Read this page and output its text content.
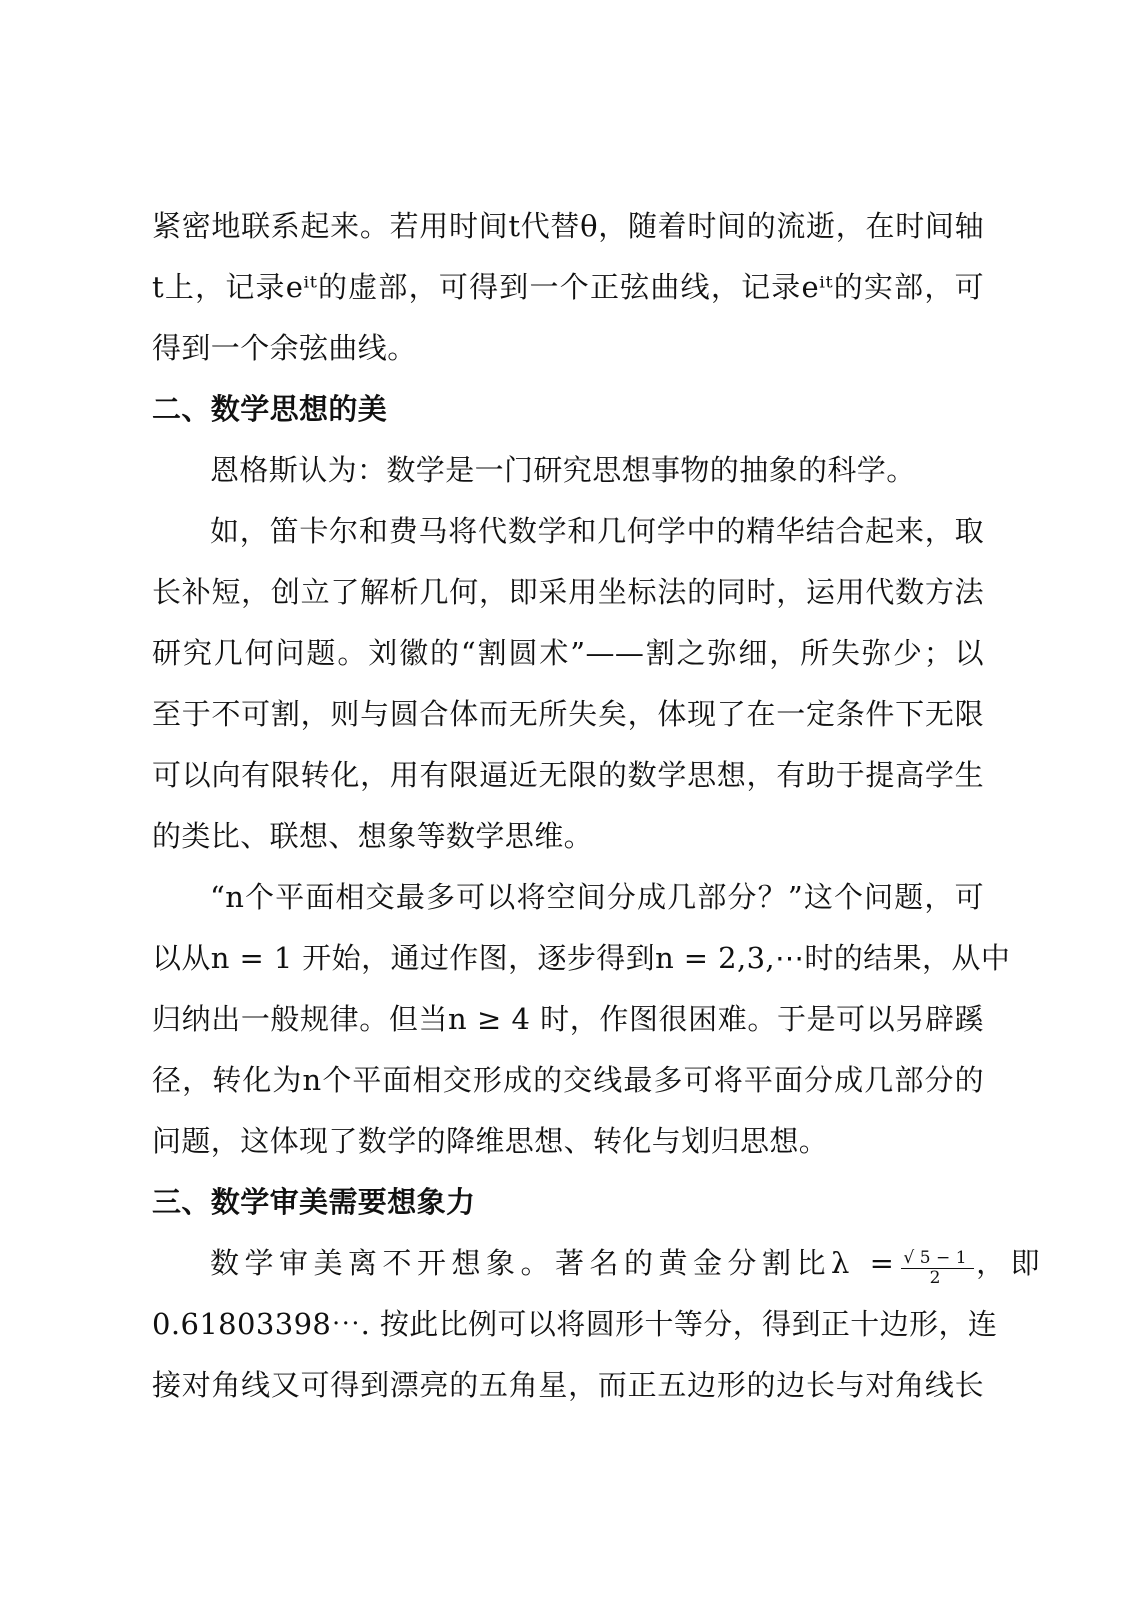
紧密地联系起来。若用时间t代替θ，随着时间的流逝，在时间轴
t上，记录eⁱᵗ的虚部，可得到一个正弦曲线，记录eⁱᵗ的实部，可
得到一个余弦曲线。
二、数学思想的美
恩格斯认为：数学是一门研究思想事物的抽象的科学。
如，笛卡尔和费马将代数学和几何学中的精华结合起来，取
长补短，创立了解析几何，即采用坐标法的同时，运用代数方法
研究几何问题。刘徽的“割圆术”——割之弥细，所失弥少；以
至于不可割，则与圆合体而无所失矣，体现了在一定条件下无限
可以向有限转化，用有限逼近无限的数学思想，有助于提高学生
的类比、联想、想象等数学思维。
“n个平面相交最多可以将空间分成几部分？”这个问题，可
以从n = 1 开始，通过作图，逐步得到n = 2,3,⋯时的结果，从中
归纳出一般规律。但当n ≥ 4 时，作图很困难。于是可以另辟蹊
径，转化为n个平面相交形成的交线最多可将平面分成几部分的
问题，这体现了数学的降维思想、转化与划归思想。
三、数学审美需要想象力
数学审美离不开想象。著名的黄金分割比$\lambda = \frac{√5-1}{2}$ ，即
0.61803398⋯. 按此比例可以将圆形十等分，得到正十边形，连
接对角线又可得到漂亮的五角星，而正五边形的边长与对角线长
